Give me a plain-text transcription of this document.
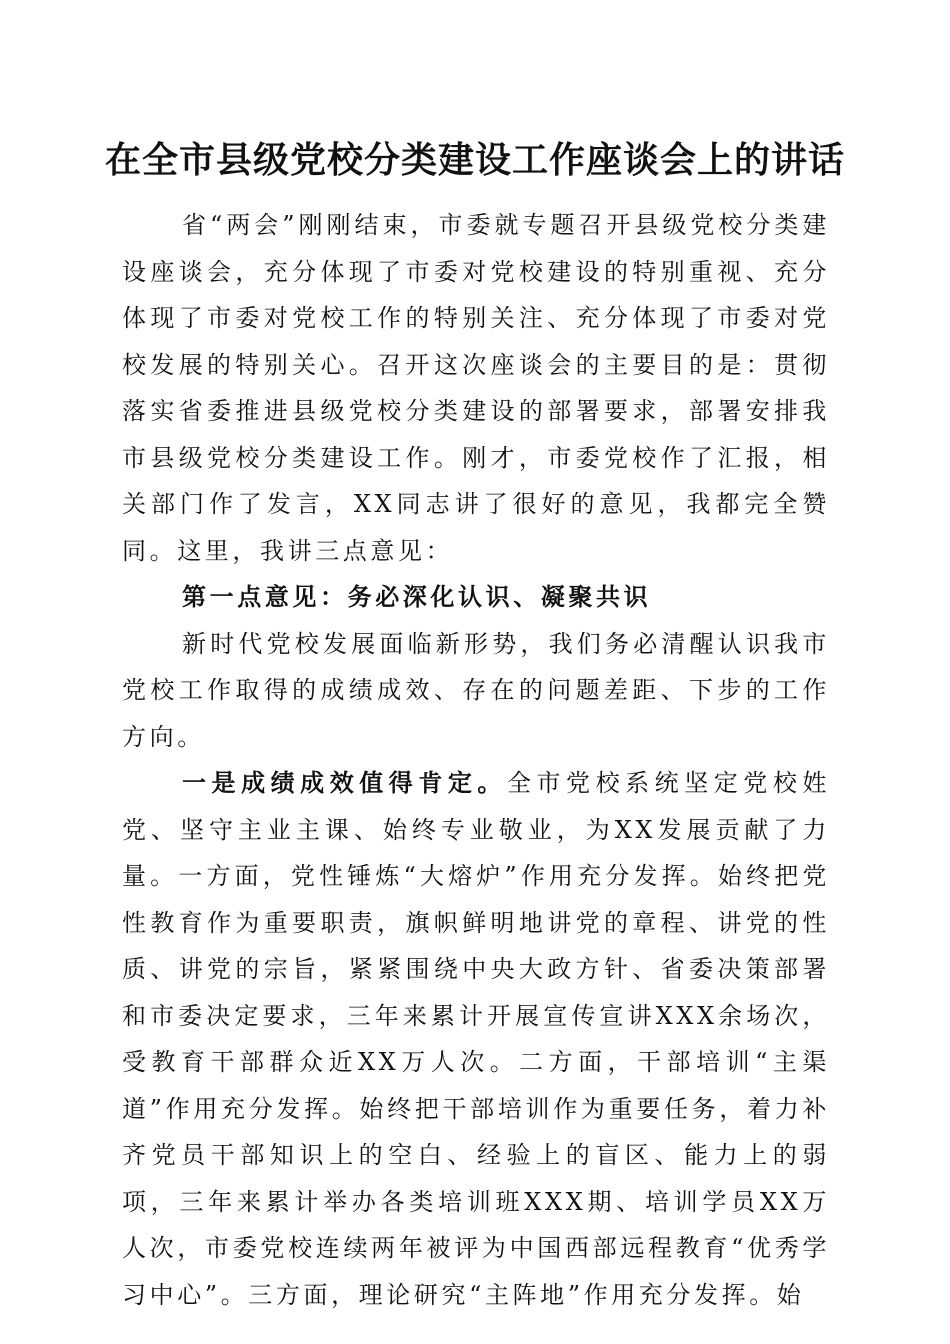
在全市县级党校分类建设工作座谈会上的讲话

省“两会”刚刚结束，市委就专题召开县级党校分类建设座谈会，充分体现了市委对党校建设的特别重视、充分体现了市委对党校工作的特别关注、充分体现了市委对党校发展的特别关心。召开这次座谈会的主要目的是：贯彻落实省委推进县级党校分类建设的部署要求，部署安排我市县级党校分类建设工作。刚才，市委党校作了汇报，相关部门作了发言，XX同志讲了很好的意见，我都完全赞同。这里，我讲三点意见：

第一点意见：务必深化认识、凝聚共识

新时代党校发展面临新形势，我们务必清醒认识我市党校工作取得的成绩成效、存在的问题差距、下步的工作方向。

一是成绩成效值得肯定。全市党校系统坚定党校姓党、坚守主业主课、始终专业敬业，为XX发展贡献了力量。一方面，党性锤炼“大熔炉”作用充分发挥。始终把党性教育作为重要职责，旗帜鲜明地讲党的章程、讲党的性质、讲党的宗旨，紧紧围绕中央大政方针、省委决策部署和市委决定要求，三年来累计开展宣传宣讲XXX余场次，受教育干部群众近XX万人次。二方面，干部培训“主渠道”作用充分发挥。始终把干部培训作为重要任务，着力补齐党员干部知识上的空白、经验上的盲区、能力上的弱项，三年来累计举办各类培训班XXX期、培训学员XX万人次，市委党校连续两年被评为中国西部远程教育“优秀学习中心”。三方面，理论研究“主阵地”作用充分发挥。始
